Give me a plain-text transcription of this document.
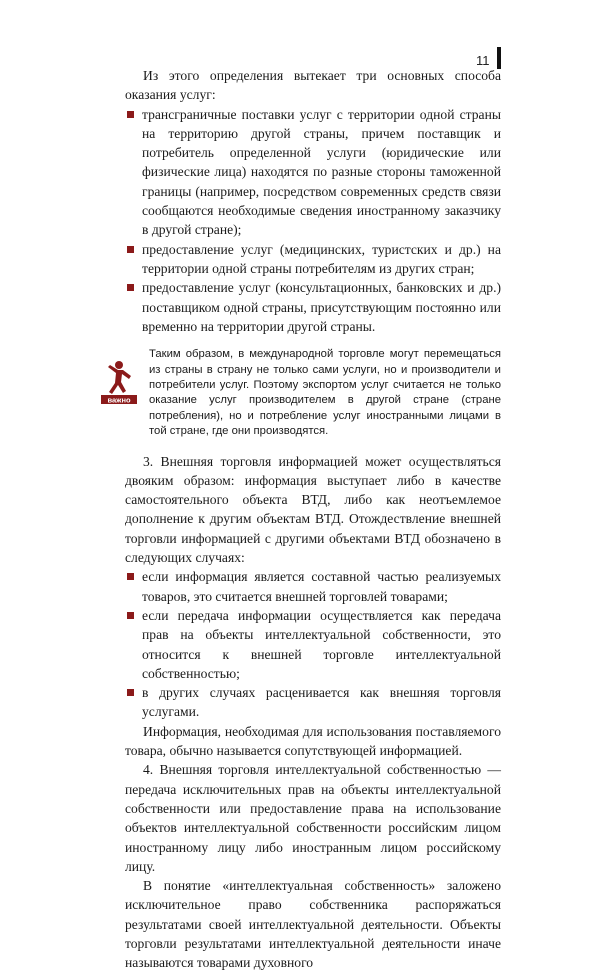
11

Из этого определения вытекает три основных способа оказания услуг:

трансграничные поставки услуг с территории одной страны на территорию другой страны, причем поставщик и потребитель определенной услуги (юридические или физические лица) находятся по разные стороны таможенной границы (например, посредством современных средств связи сообщаются необходимые сведения иностранному заказчику в другой стране);
предоставление услуг (медицинских, туристских и др.) на территории одной страны потребителям из других стран;
предоставление услуг (консультационных, банковских и др.) поставщиком одной страны, присутствующим постоянно или временно на территории другой страны.
важно

Таким образом, в международной торговле могут перемещаться из страны в страну не только сами услуги, но и производители и потребители услуг. Поэтому экспортом услуг считается не только оказание услуг производителем в другой стране (стране потребления), но и потребление услуг иностранными лицами в той стране, где они производятся.

3. Внешняя торговля информацией может осуществляться двояким образом: информация выступает либо в качестве самостоятельного объекта ВТД, либо как неотъемлемое дополнение к другим объектам ВТД. Отождествление внешней торговли информацией с другими объектами ВТД обозначено в следующих случаях:

если информация является составной частью реализуемых товаров, это считается внешней торговлей товарами;
если передача информации осуществляется как передача прав на объекты интеллектуальной собственности, это относится к внешней торговле интеллектуальной собственностью;
в других случаях расценивается как внешняя торговля услугами.

Информация, необходимая для использования поставляемого товара, обычно называется сопутствующей информацией.

4. Внешняя торговля интеллектуальной собственностью — передача исключительных прав на объекты интеллектуальной собственности или предоставление права на использование объектов интеллектуальной собственности российским лицом иностранному лицу либо иностранным лицом российскому лицу.

В понятие «интеллектуальная собственность» заложено исключительное право собственника распоряжаться результатами своей интеллектуальной деятельности. Объекты торговли результатами интеллектуальной деятельности иначе называются товарами духовного
